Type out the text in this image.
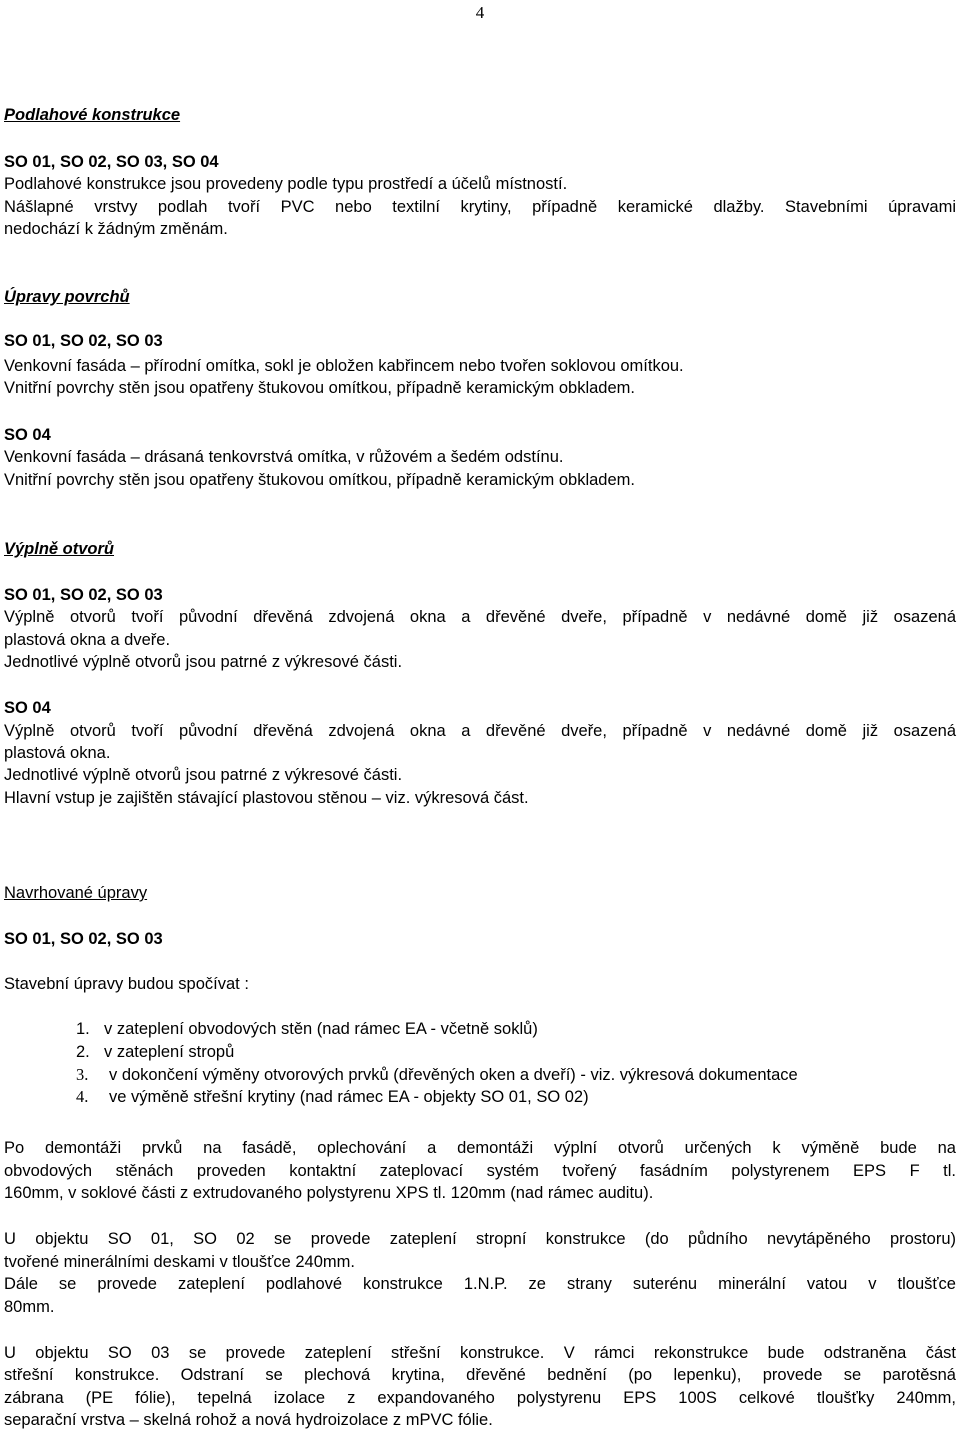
4
Podlahové konstrukce
SO 01, SO 02, SO 03, SO 04
Podlahové konstrukce jsou provedeny podle typu prostředí a účelů místností.
Nášlapné vrstvy podlah tvoří PVC nebo textilní krytiny, případně keramické dlažby. Stavebními úpravami
nedochází k žádným změnám.
Úpravy povrchů
SO 01, SO 02, SO 03
Venkovní fasáda – přírodní omítka, sokl je obložen kabřincem nebo tvořen soklovou omítkou.
Vnitřní povrchy stěn jsou opatřeny štukovou omítkou, případně keramickým obkladem.
SO 04
Venkovní fasáda – drásaná tenkovrstvá omítka, v růžovém a šedém odstínu.
Vnitřní povrchy stěn jsou opatřeny štukovou omítkou, případně keramickým obkladem.
Výplně otvorů
SO 01, SO 02, SO 03
Výplně otvorů tvoří původní dřevěná zdvojená okna a dřevěné dveře, případně v nedávné domě již osazená
plastová okna a dveře.
Jednotlivé výplně otvorů jsou patrné z výkresové části.
SO 04
Výplně otvorů tvoří původní dřevěná zdvojená okna a dřevěné dveře, případně v nedávné domě již osazená
plastová okna.
Jednotlivé výplně otvorů jsou patrné z výkresové části.
Hlavní vstup je zajištěn stávající plastovou stěnou – viz. výkresová část.
Navrhované úpravy
SO 01, SO 02, SO 03
Stavební úpravy budou spočívat :
1. v zateplení obvodových stěn (nad rámec EA - včetně soklů)
2. v zateplení stropů
3. v dokončení výměny otvorových prvků (dřevěných oken a dveří) - viz. výkresová dokumentace
4. ve výměně střešní krytiny (nad rámec EA - objekty SO 01, SO 02)
Po demontáži prvků na fasádě, oplechování a demontáži výplní otvorů určených k výměně bude na
obvodových stěnách proveden kontaktní zateplovací systém tvořený fasádním polystyrenem EPS F tl.
160mm, v soklové části z extrudovaného polystyrenu XPS tl. 120mm (nad rámec auditu).
U objektu SO 01, SO 02 se provede zateplení stropní konstrukce (do půdního nevytápěného prostoru)
tvořené minerálními deskami v tloušťce 240mm.
Dále se provede zateplení podlahové konstrukce 1.N.P. ze strany suterénu minerální vatou v tloušťce
80mm.
U objektu SO 03 se provede zateplení střešní konstrukce. V rámci rekonstrukce bude odstraněna část
střešní konstrukce. Odstraní se plechová krytina, dřevěné bednění (po lepenku), provede se parotěsná
zábrana (PE fólie), tepelná izolace z expandovaného polystyrenu EPS 100S celkové tloušťky 240mm,
separační vrstva – skelná rohož a nová hydroizolace z mPVC fólie.
